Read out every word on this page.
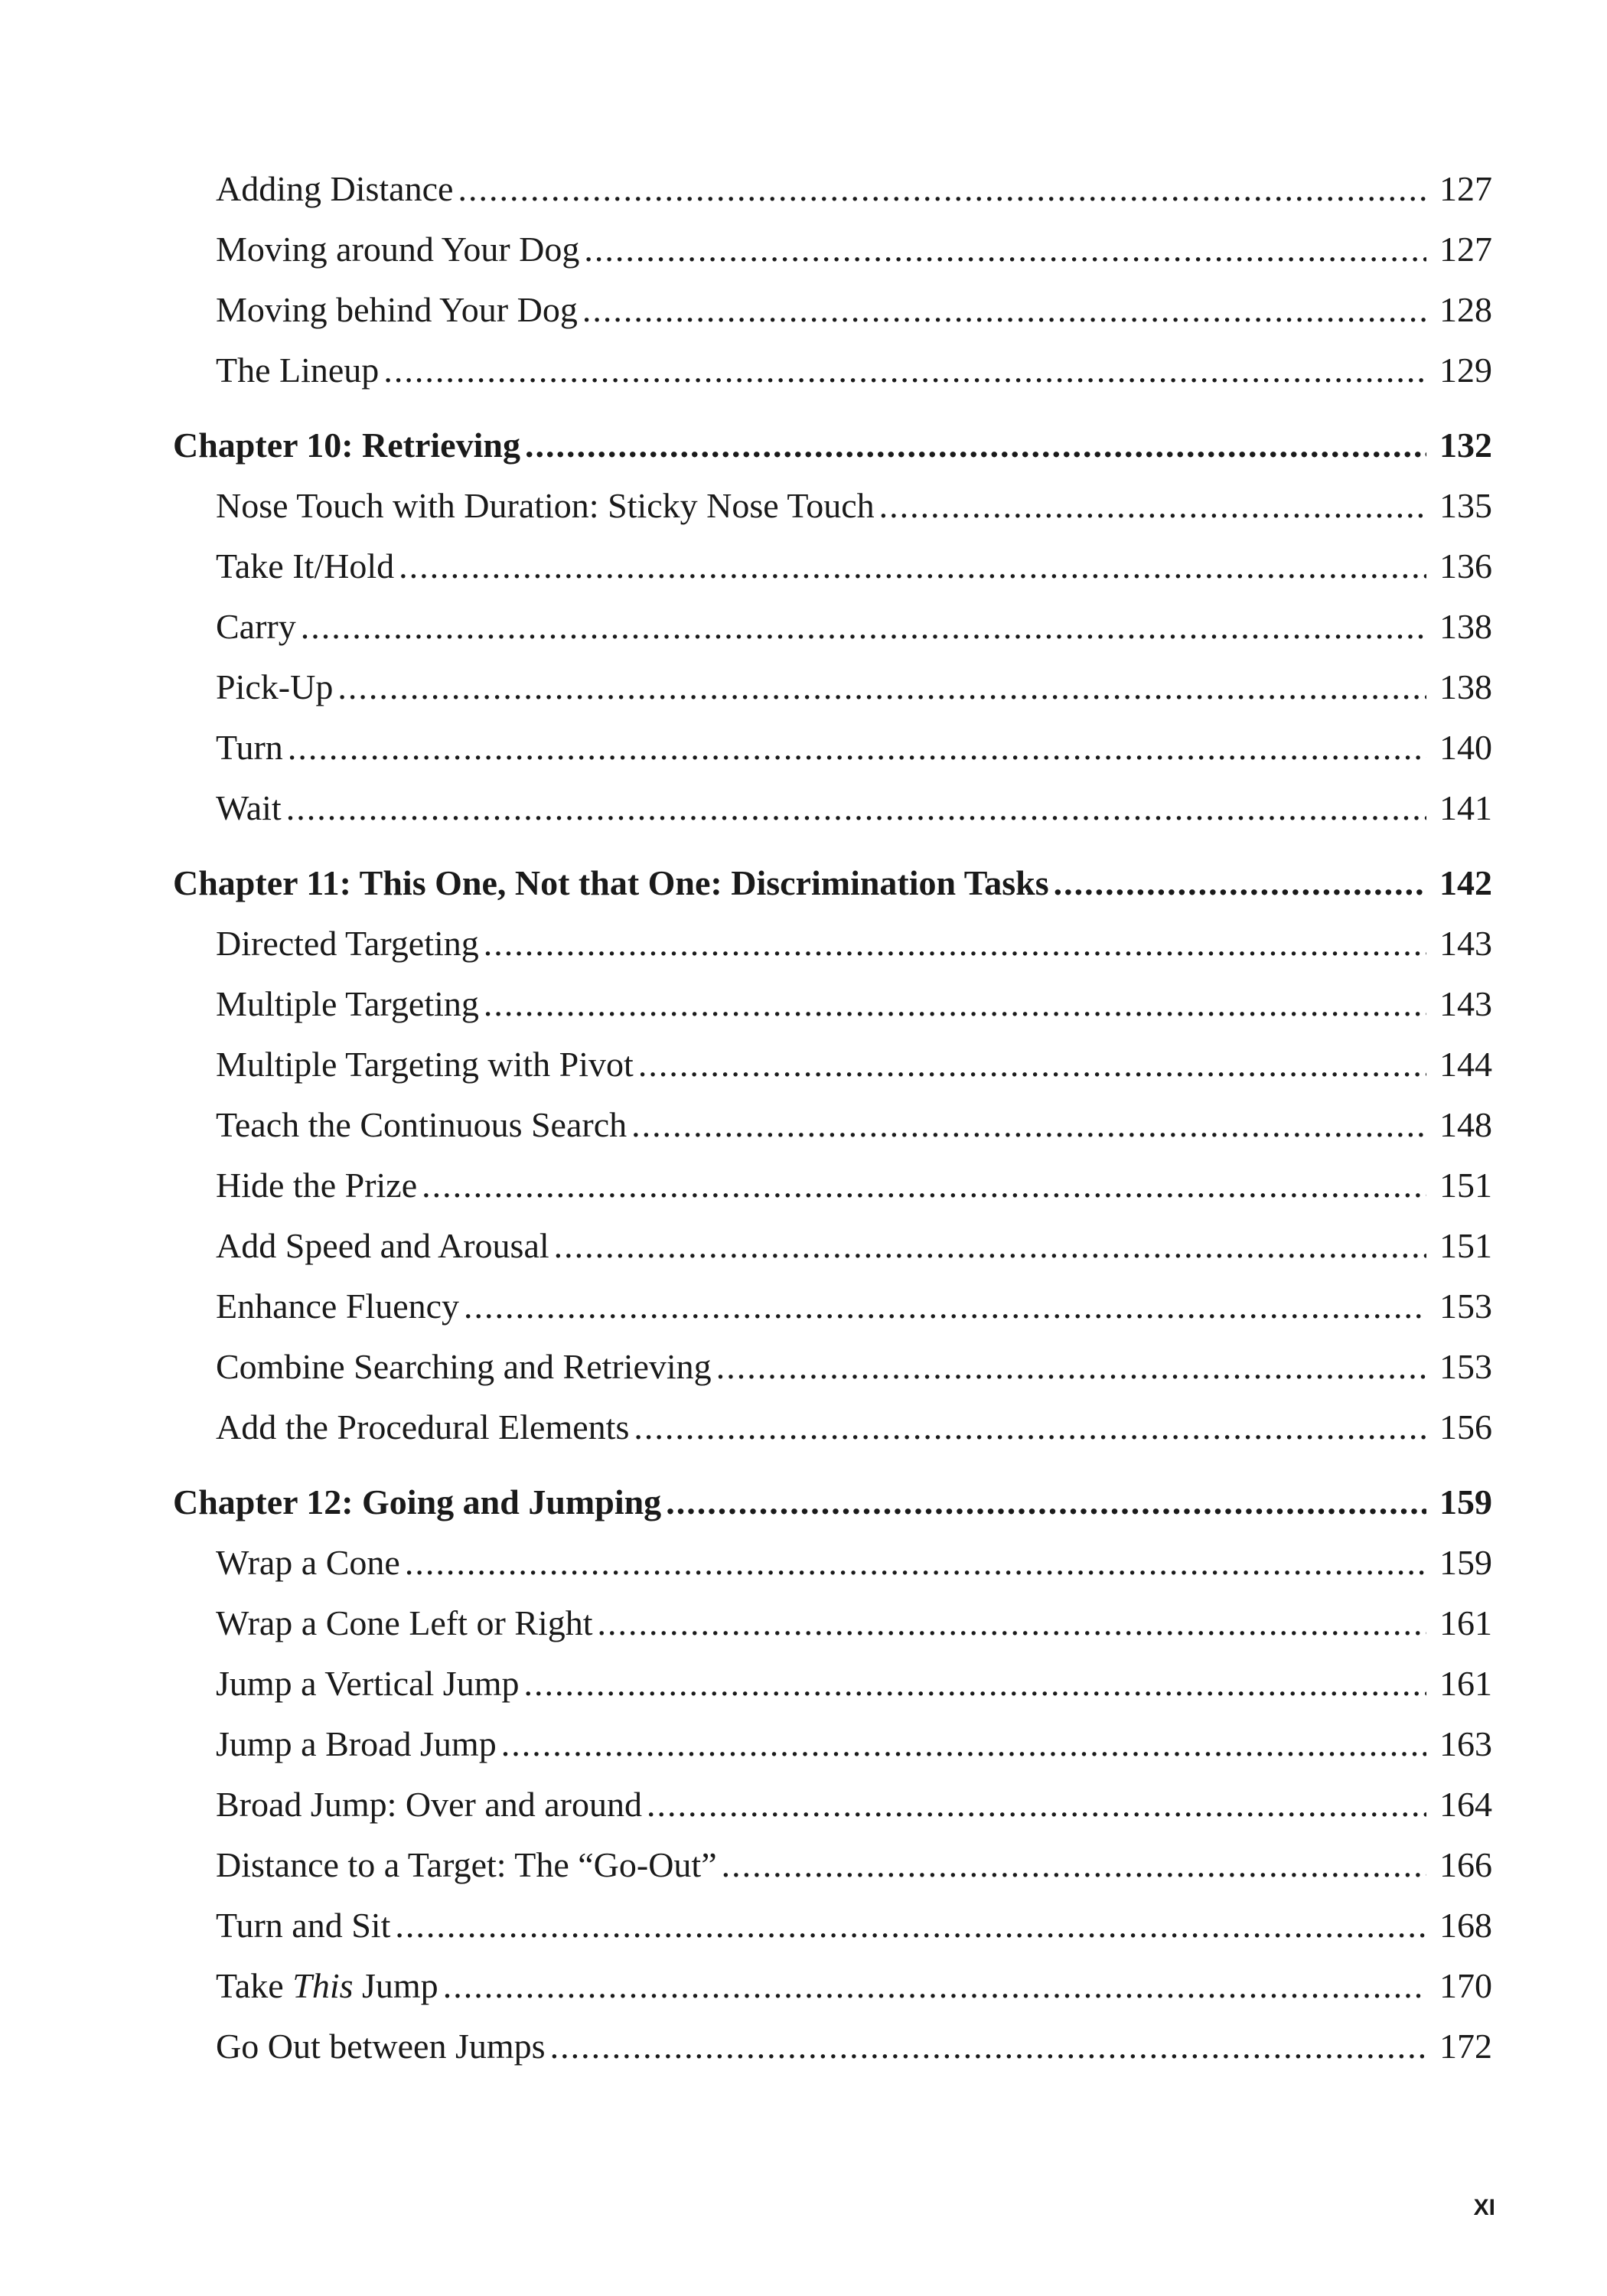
Adding Distance .....	127
Moving around Your Dog .....	127
Moving behind Your Dog .....	128
The Lineup .....	129
Chapter 10: Retrieving .....	132
Nose Touch with Duration: Sticky Nose Touch .....	135
Take It/Hold .....	136
Carry .....	138
Pick-Up .....	138
Turn .....	140
Wait .....	141
Chapter 11: This One, Not that One: Discrimination Tasks .....	142
Directed Targeting .....	143
Multiple Targeting .....	143
Multiple Targeting with Pivot .....	144
Teach the Continuous Search .....	148
Hide the Prize .....	151
Add Speed and Arousal .....	151
Enhance Fluency .....	153
Combine Searching and Retrieving .....	153
Add the Procedural Elements .....	156
Chapter 12: Going and Jumping .....	159
Wrap a Cone .....	159
Wrap a Cone Left or Right .....	161
Jump a Vertical Jump .....	161
Jump a Broad Jump .....	163
Broad Jump: Over and around .....	164
Distance to a Target: The “Go-Out” .....	166
Turn and Sit .....	168
Take This Jump .....	170
Go Out between Jumps .....	172
XI
